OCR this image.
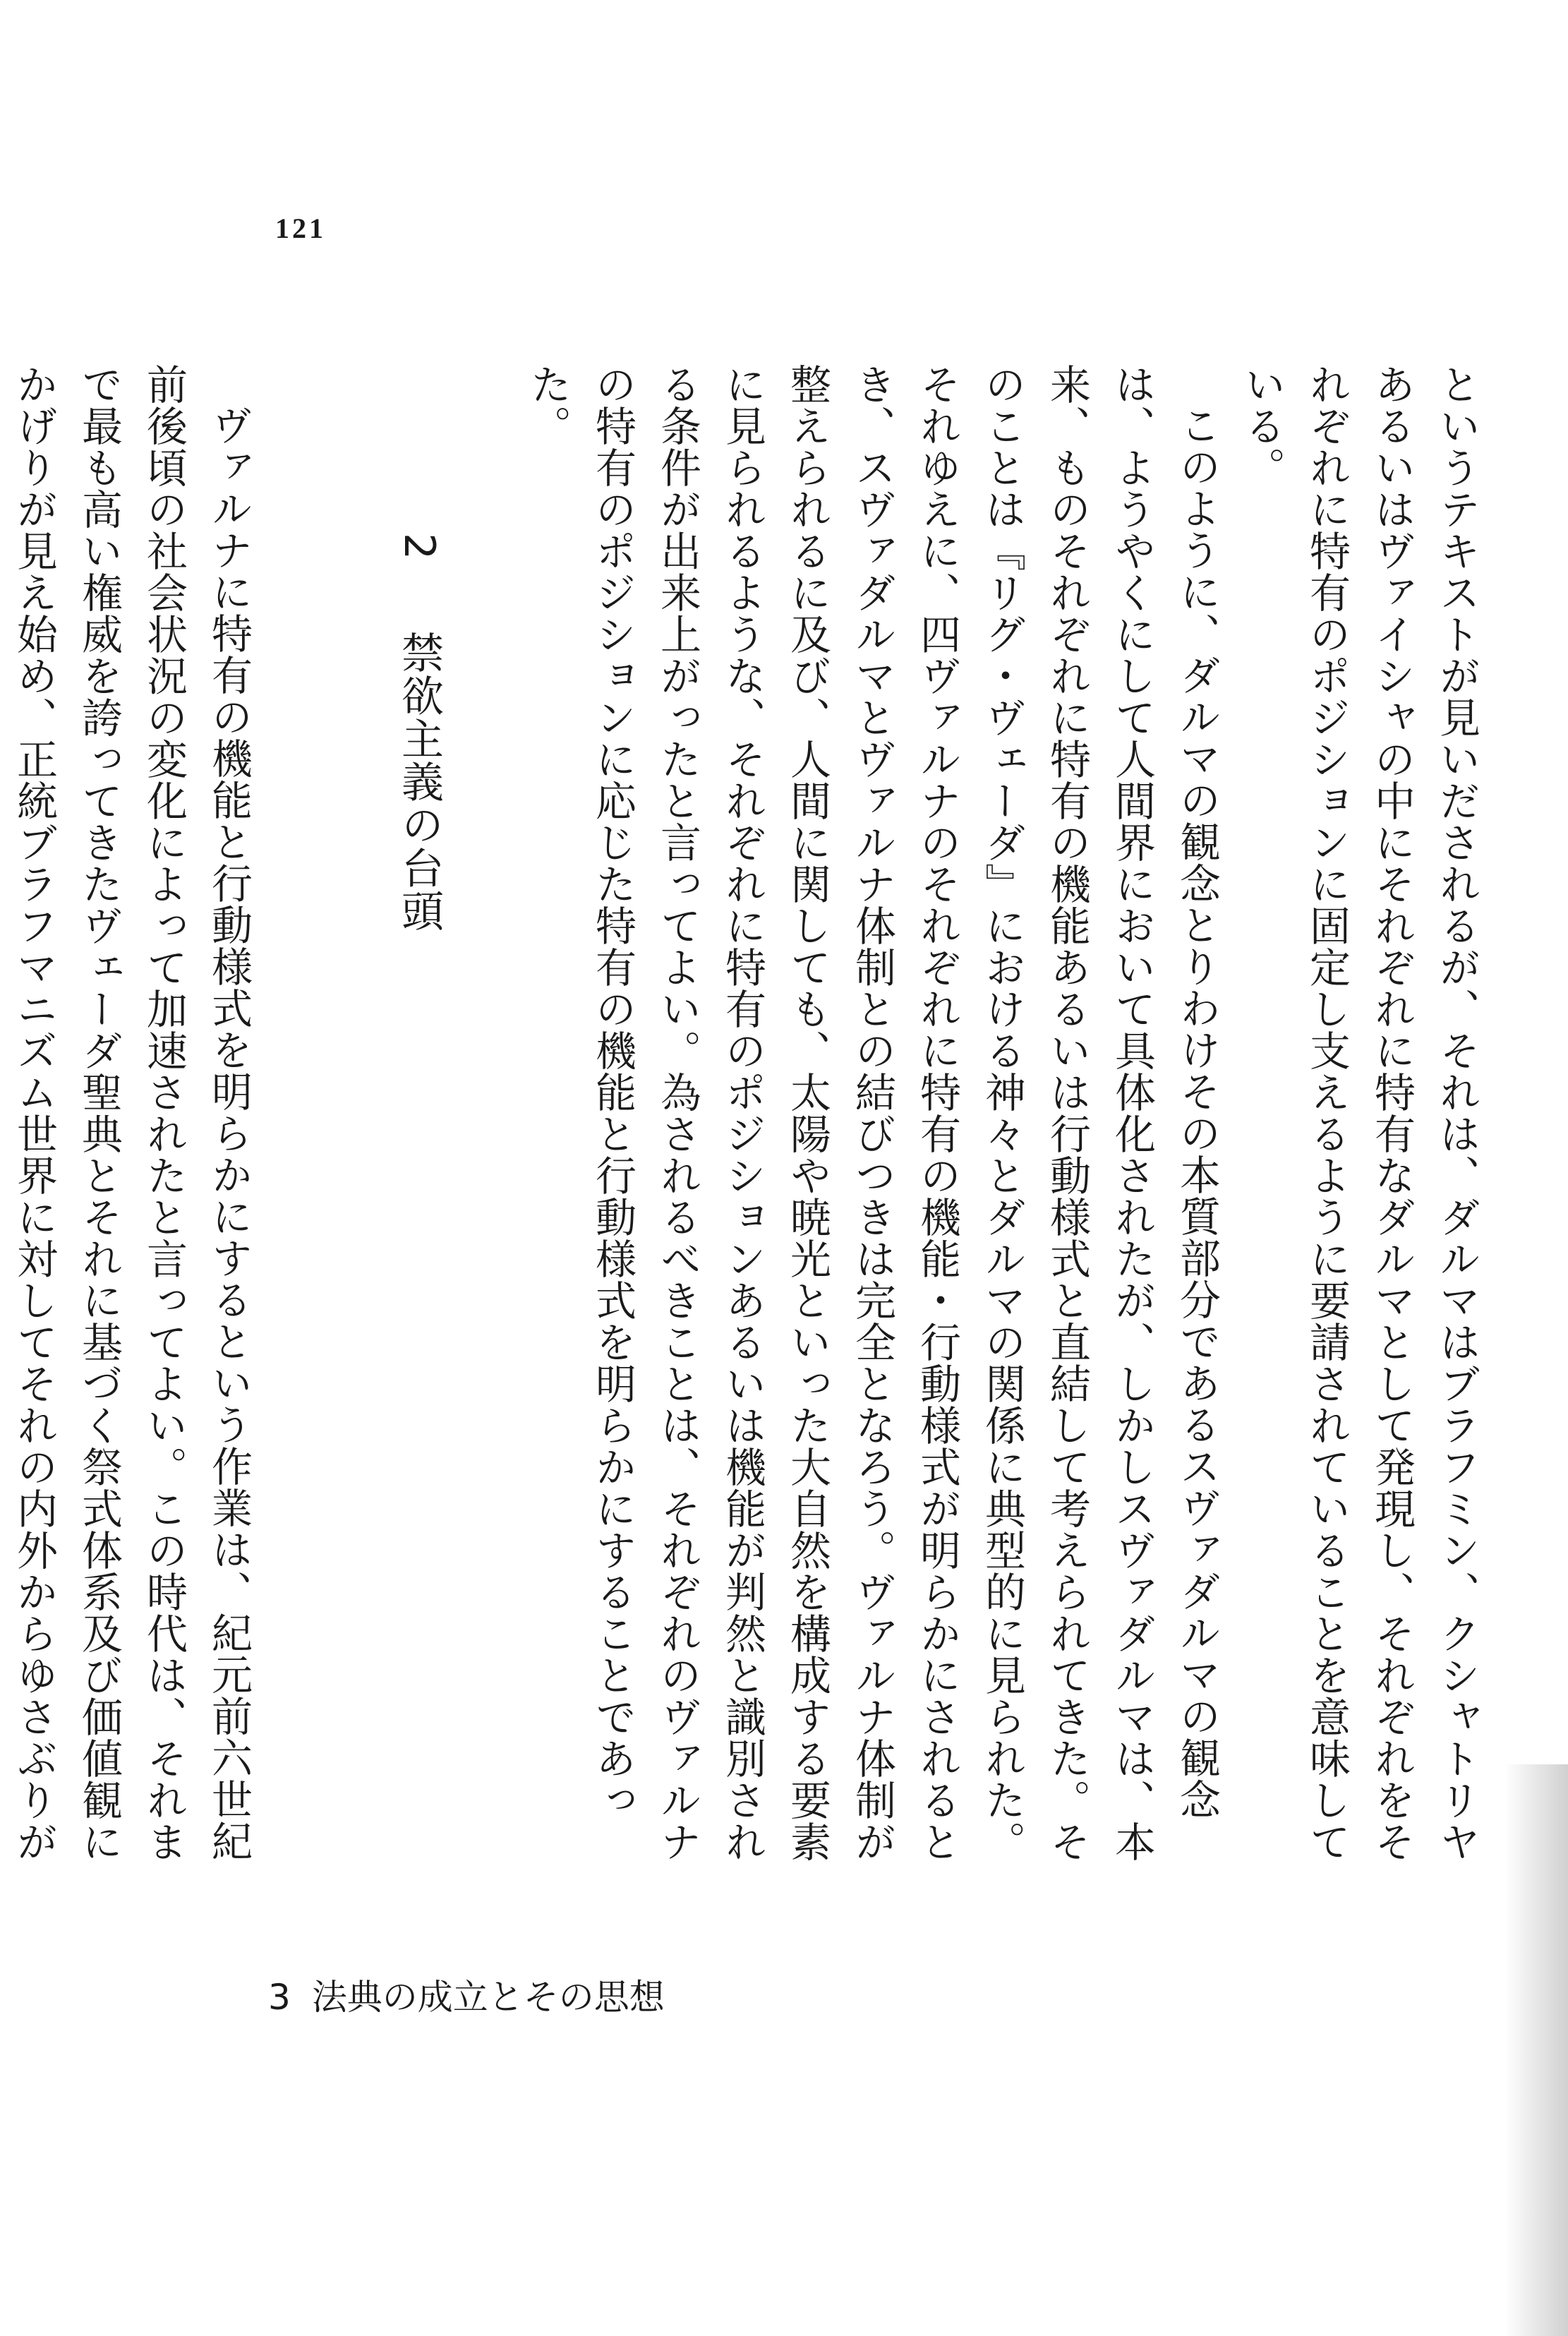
121

というテキストが見いだされるが、それは、ダルマはブラフミン、クシャトリヤあるいはヴァイシャの中にそれぞれに特有なダルマとして発現し、それぞれをそれぞれに特有のポジションに固定し支えるように要請されていることを意味している。

このように、ダルマの観念とりわけその本質部分であるスヴァダルマの観念は、ようやくにして人間界において具体化されたが、しかしスヴァダルマは、本来、ものそれぞれに特有の機能あるいは行動様式と直結して考えられてきた。そのことは『リグ・ヴェーダ』における神々とダルマの関係に典型的に見られた。それゆえに、四ヴァルナのそれぞれに特有の機能・行動様式が明らかにされるとき、スヴァダルマとヴァルナ体制との結びつきは完全となろう。ヴァルナ体制が整えられるに及び、人間に関しても、太陽や暁光といった大自然を構成する要素に見られるような、それぞれに特有のポジションあるいは機能が判然と識別される条件が出来上がったと言ってよい。為されるべきことは、それぞれのヴァルナの特有のポジションに応じた特有の機能と行動様式を明らかにすることであった。

2 禁欲主義の台頭

ヴァルナに特有の機能と行動様式を明らかにするという作業は、紀元前六世紀前後頃の社会状況の変化によって加速されたと言ってよい。この時代は、それまで最も高い権威を誇ってきたヴェーダ聖典とそれに基づく祭式体系及び価値観にかげりが見え始め、正統ブラフマニズム世界に対してそれの内外からゆさぶりが

3 法典の成立とその思想
